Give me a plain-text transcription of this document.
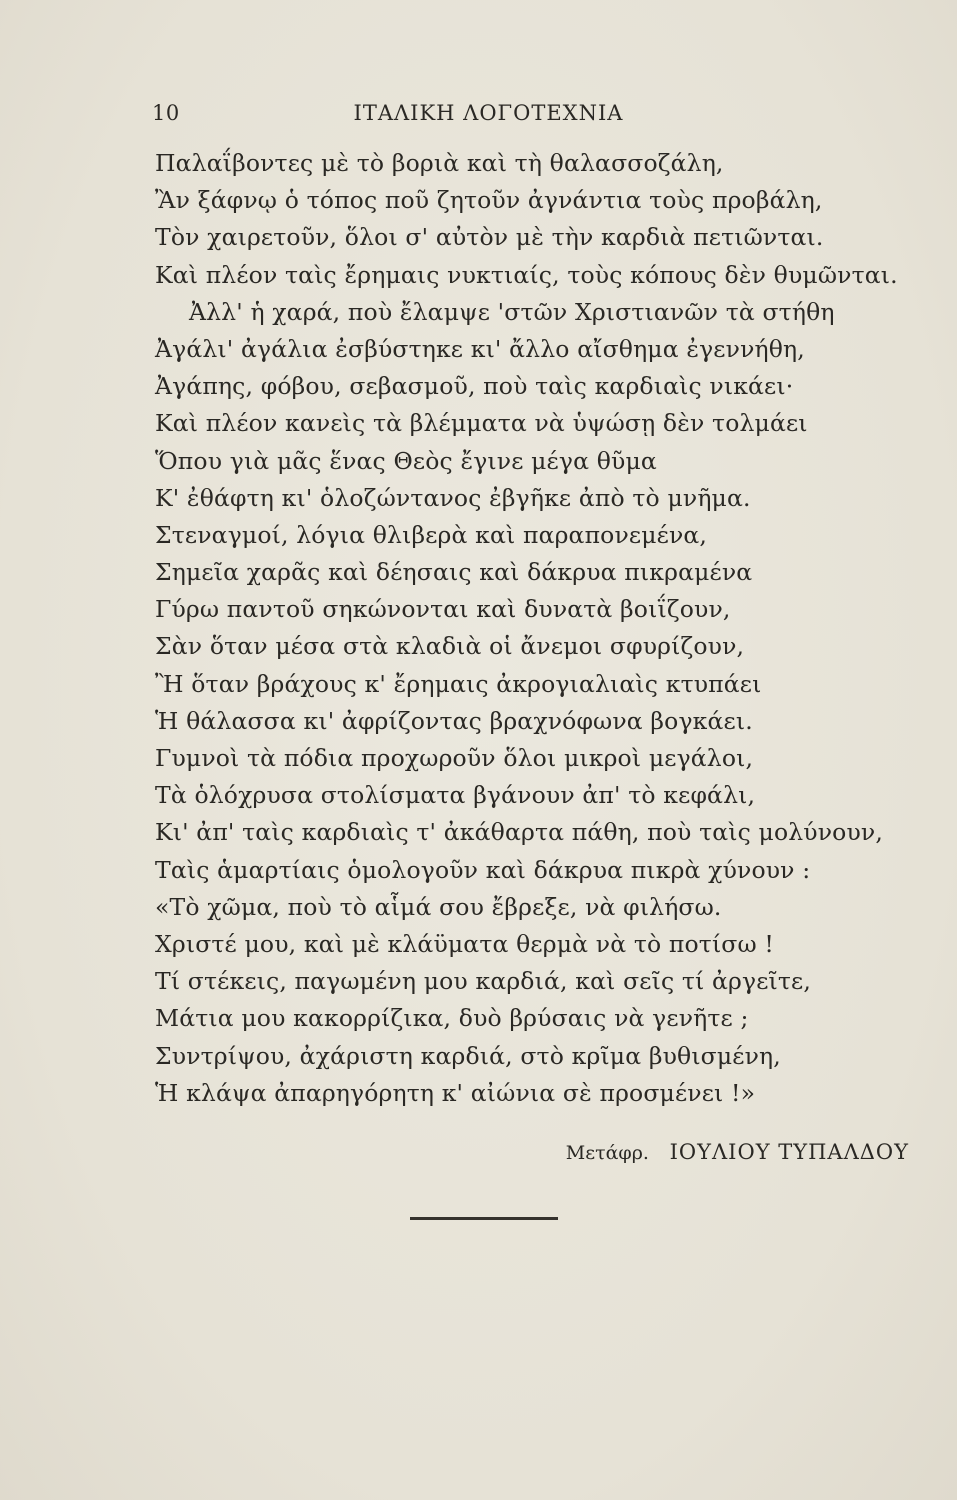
10	ΙΤΑΛΙΚΗ ΛΟΓΟΤΕΧΝΙΑ
Παλαΐβοντες μὲ τὸ βοριὰ καὶ τὴ θαλασσοζάλη,
Ἂν ξάφνῳ ὁ τόπος ποῦ ζητοῦν ἀγνάντια τοὺς προβάλη,
Τὸν χαιρετοῦν, ὅλοι σ' αὐτὸν μὲ τὴν καρδιὰ πετιῶνται.
Καὶ πλέον ταὶς ἔρημαις νυκτιαίς, τοὺς κόπους δὲν θυμῶνται.
Ἀλλ' ἡ χαρά, ποὺ ἔλαμψε 'στῶν Χριστιανῶν τὰ στήθη
Ἀγάλι' ἀγάλια ἐσβύστηκε κι' ἄλλο αἴσθημα ἐγεννήθη,
Ἀγάπης, φόβου, σεβασμοῦ, ποὺ ταὶς καρδιαὶς νικάει·
Καὶ πλέον κανεὶς τὰ βλέμματα νὰ ὑψώσῃ δὲν τολμάει
Ὅπου γιὰ μᾶς ἕνας Θεὸς ἔγινε μέγα θῦμα
Κ' ἐθάφτη κι' ὁλοζώντανος ἐβγῆκε ἀπὸ τὸ μνῆμα.
Στεναγμοί, λόγια θλιβερὰ καὶ παραπονεμένα,
Σημεῖα χαρᾶς καὶ δέησαις καὶ δάκρυα πικραμένα
Γύρω παντοῦ σηκώνονται καὶ δυνατὰ βοιΐζουν,
Σὰν ὅταν μέσα στὰ κλαδιὰ οἱ ἄνεμοι σφυρίζουν,
Ἢ ὅταν βράχους κ' ἔρημαις ἀκρογιαλιαὶς κτυπάει
Ἡ θάλασσα κι' ἀφρίζοντας βραχνόφωνα βογκάει.
Γυμνοὶ τὰ πόδια προχωροῦν ὅλοι μικροὶ μεγάλοι,
Τὰ ὁλόχρυσα στολίσματα βγάνουν ἀπ' τὸ κεφάλι,
Κι' ἀπ' ταὶς καρδιαὶς τ' ἀκάθαρτα πάθη, ποὺ ταὶς μολύνουν,
Ταὶς ἁμαρτίαις ὁμολογοῦν καὶ δάκρυα πικρὰ χύνουν :
«Τὸ χῶμα, ποὺ τὸ αἷμά σου ἔβρεξε, νὰ φιλήσω.
Χριστέ μου, καὶ μὲ κλάϋματα θερμὰ νὰ τὸ ποτίσω !
Τί στέκεις, παγωμένη μου καρδιά, καὶ σεῖς τί ἀργεῖτε,
Μάτια μου κακορρίζικα, δυὸ βρύσαις νὰ γενῆτε ;
Συντρίψου, ἀχάριστη καρδιά, στὸ κρῖμα βυθισμένη,
Ἡ κλάψα ἀπαρηγόρητη κ' αἰώνια σὲ προσμένει !»
Μετάφρ. ΙΟΥΛΙΟΥ ΤΥΠΑΛΔΟΥ
